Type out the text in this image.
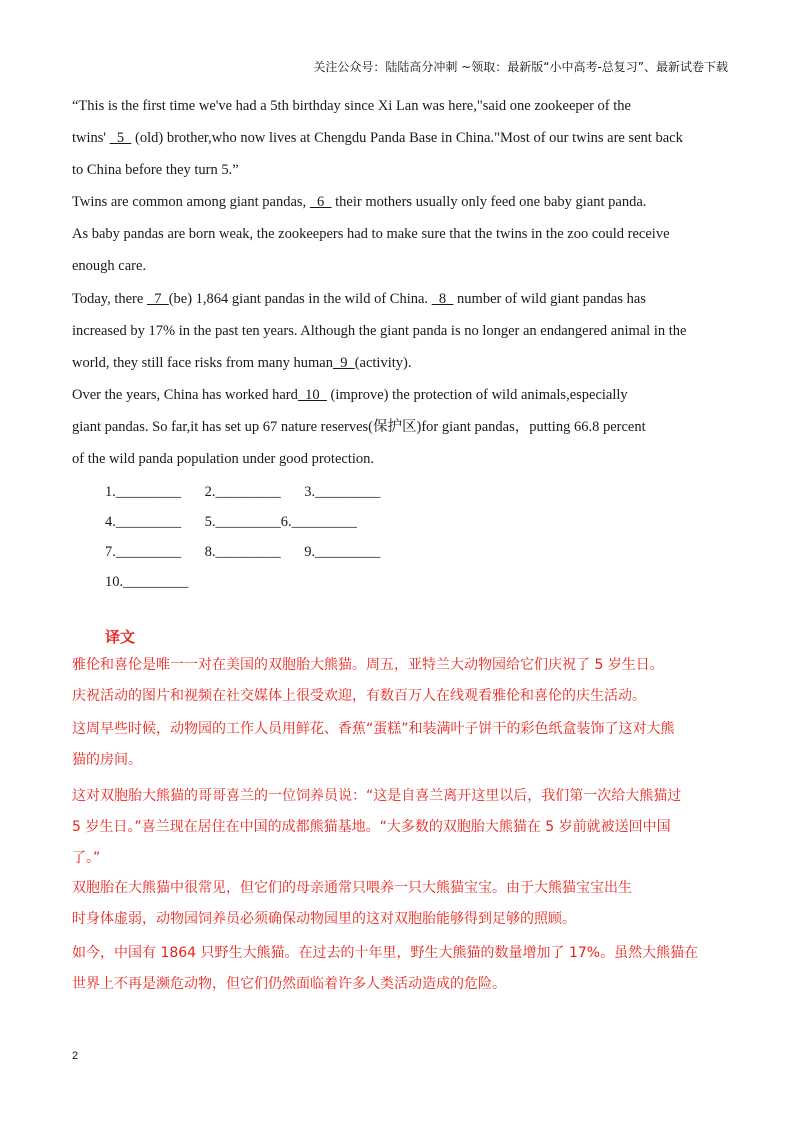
关注公众号：陆陆高分冲刺 ~领取：最新版“小中高考-总复习”、最新试卷下载
“This is the first time we've had a 5th birthday since Xi Lan was here,"said one zookeeper of the
twins'   5   (old) brother,who now lives at Chengdu Panda Base in China."Most of our twins are sent back
to China before they turn 5.”
Twins are common among giant pandas,   6   their mothers usually only feed one baby giant panda.
As baby pandas are born weak, the zookeepers had to make sure that the twins in the zoo could receive
enough care.
Today, there   7  (be) 1,864 giant pandas in the wild of China.   8   number of wild giant pandas has
increased by 17% in the past ten years. Although the giant panda is no longer an endangered animal in the
world, they still face risks from many human  9  (activity).
Over the years, China has worked hard  10   (improve) the protection of wild animals,especially
giant pandas. So far,it has set up 67 nature reserves(保护区)for giant pandas，putting 66.8 percent
of the wild panda population under good protection.
1._________ 2._________ 3._________
4._________ 5._________6._________
7._________ 8._________ 9._________
10._________
译文
雅伦和喜伦是唯一一对在美国的双胞胎大熊猫。周五，亚特兰大动物园给它们庆祝了 5 岁生日。
庆祝活动的图片和视频在社交媒体上很受欢迎，有数百万人在线观看雅伦和喜伦的庆生活动。
这周早些时候，动物园的工作人员用鲜花、香蕉“蛋糕”和装满叶子饼干的彩色纸盒装饰了这对大熊
猫的房间。
这对双胞胎大熊猫的哥哥喜兰的一位饲养员说：“这是自喜兰离开这里以后，我们第一次给大熊猫过
5 岁生日。”喜兰现在居住在中国的成都熊猫基地。“大多数的双胞胎大熊猫在 5 岁前就被送回中国
了。”
双胞胎在大熊猫中很常见，但它们的母亲通常只喂养一只大熊猫宝宝。由于大熊猫宝宝出生
时身体虚弱，动物园饲养员必须确保动物园里的这对双胞胎能够得到足够的照顾。
如今，中国有 1864 只野生大熊猫。在过去的十年里，野生大熊猫的数量增加了 17%。虽然大熊猫在
世界上不再是濒危动物，但它们仍然面临着许多人类活动造成的危险。
2
